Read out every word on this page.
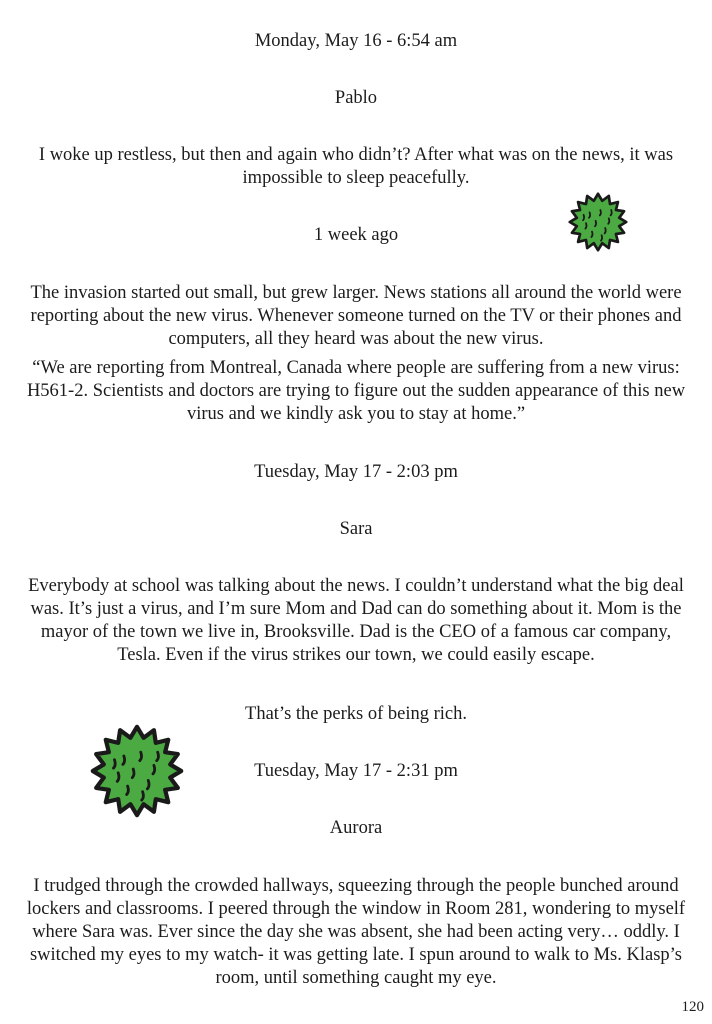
Monday, May 16 - 6:54 am

Pablo

I woke up restless, but then and again who didn’t? After what was on the news, it was impossible to sleep peacefully.

1 week ago

The invasion started out small, but grew larger. News stations all around the world were reporting about the new virus. Whenever someone turned on the TV or their phones and computers, all they heard was about the new virus.

“We are reporting from Montreal, Canada where people are suffering from a new virus: H561-2. Scientists and doctors are trying to figure out the sudden appearance of this new virus and we kindly ask you to stay at home.”

Tuesday, May 17 - 2:03 pm

Sara

Everybody at school was talking about the news. I couldn’t understand what the big deal was. It’s just a virus, and I’m sure Mom and Dad can do something about it. Mom is the mayor of the town we live in, Brooksville. Dad is the CEO of a famous car company, Tesla. Even if the virus strikes our town, we could easily escape.

That’s the perks of being rich.

Tuesday, May 17 - 2:31 pm

Aurora

I trudged through the crowded hallways, squeezing through the people bunched around lockers and classrooms. I peered through the window in Room 281, wondering to myself where Sara was. Ever since the day she was absent, she had been acting very… oddly. I switched my eyes to my watch- it was getting late. I spun around to walk to Ms. Klasp’s room, until something caught my eye.

120
